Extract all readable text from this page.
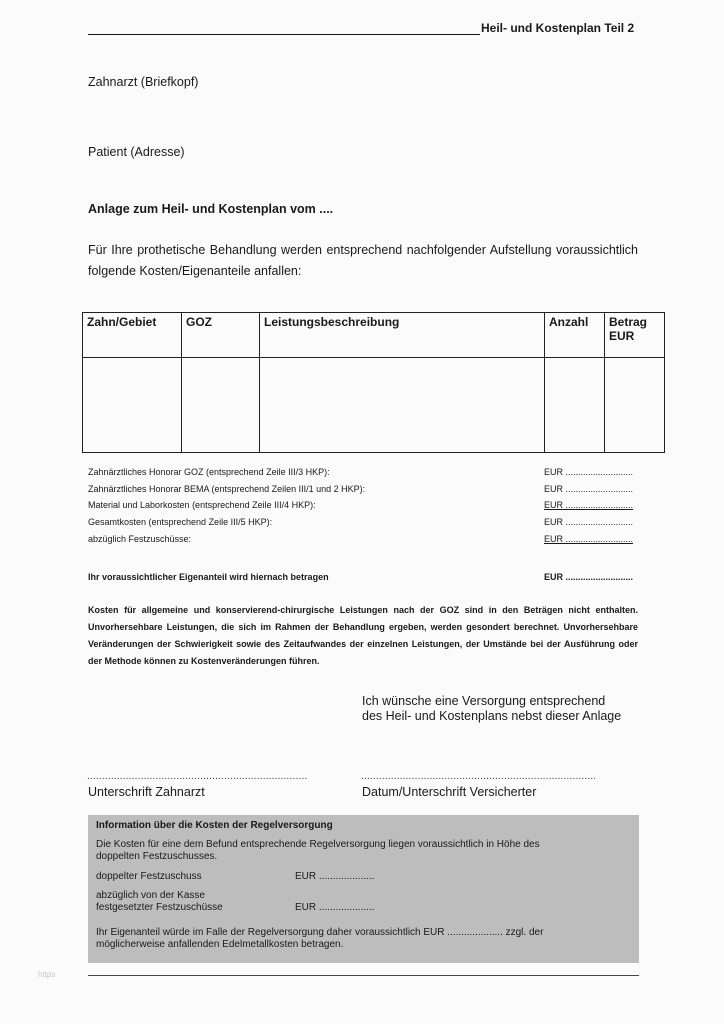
Heil- und Kostenplan Teil 2
Zahnarzt (Briefkopf)
Patient (Adresse)
Anlage zum Heil- und Kostenplan vom ....
Für Ihre prothetische Behandlung werden entsprechend nachfolgender Aufstellung voraussichtlich folgende Kosten/Eigenanteile anfallen:
Zahn/Gebiet	GOZ	Leistungsbeschreibung	Anzahl	Betrag EUR

Zahnärztliches Honorar GOZ (entsprechend Zeile III/3 HKP):	EUR ...........................
Zahnärztliches Honorar BEMA (entsprechend Zeilen III/1 und 2 HKP):	EUR ...........................
Material und Laborkosten (entsprechend Zeile III/4 HKP):	EUR ...........................
Gesamtkosten (entsprechend Zeile III/5 HKP):	EUR ...........................
abzüglich Festzuschüsse:	EUR ...........................
Ihr voraussichtlicher Eigenanteil wird hiernach betragen	EUR ...........................
Kosten für allgemeine und konservierend-chirurgische Leistungen nach der GOZ sind in den Beträgen nicht enthalten. Unvorhersehbare Leistungen, die sich im Rahmen der Behandlung ergeben, werden gesondert berechnet. Unvorhersehbare Veränderungen der Schwierigkeit sowie des Zeitaufwandes der einzelnen Leistungen, der Umstände bei der Ausführung oder der Methode können zu Kostenveränderungen führen.
Ich wünsche eine Versorgung entsprechend
des Heil- und Kostenplans nebst dieser Anlage
..........................................................................	...............................................................................
Unterschrift Zahnarzt	Datum/Unterschrift Versicherter
Information über die Kosten der Regelversorgung
Die Kosten für eine dem Befund entsprechende Regelversorgung liegen voraussichtlich in Höhe des
doppelten Festzuschusses.
doppelter Festzuschuss	EUR ....................
abzüglich von der Kasse
festgesetzter Festzuschüsse	EUR ....................
Ihr Eigenanteil würde im Falle der Regelversorgung daher voraussichtlich EUR .................... zzgl. der
möglicherweise anfallenden Edelmetallkosten betragen.
https
